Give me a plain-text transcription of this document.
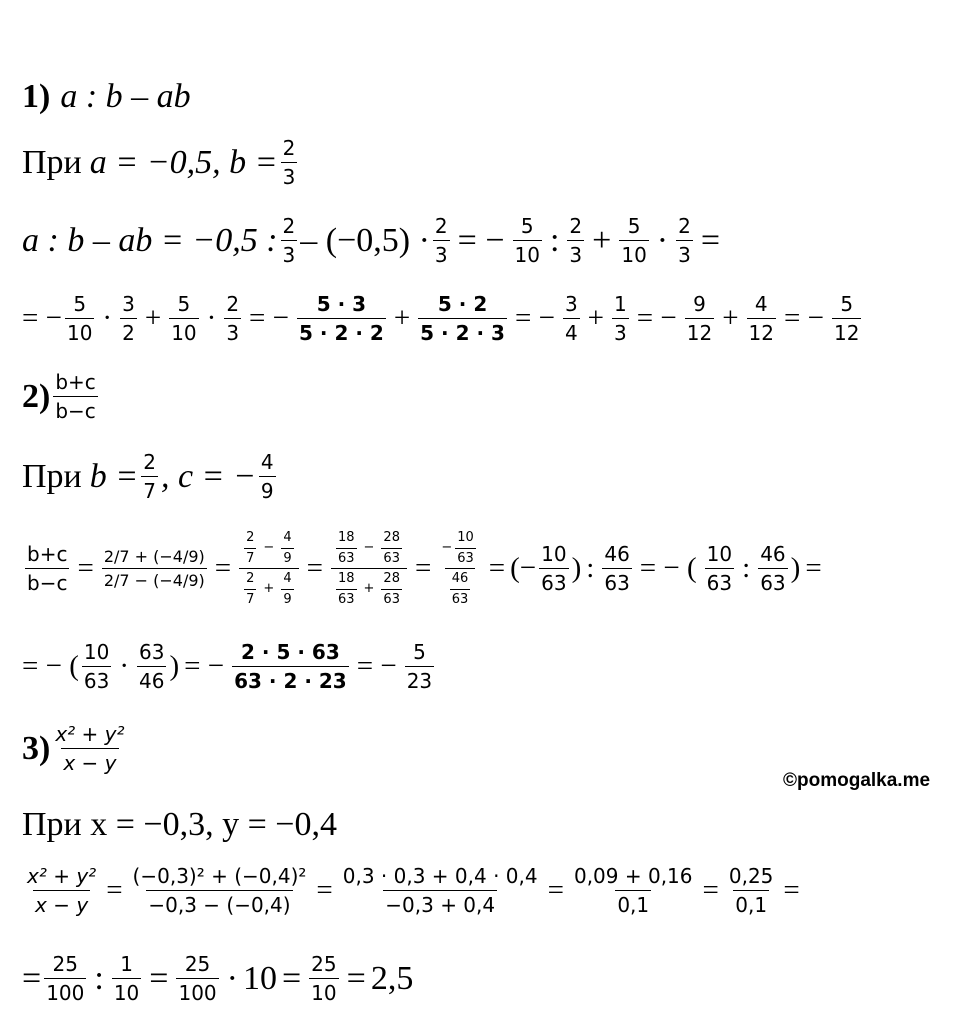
1) a : b – ab
При a = −0,5, $b = \frac{2}{3}$
a : b – ab = −0,5 : $\frac{2}{3} - (-0,5) \cdot \frac{2}{3}$ = − $\frac{5}{10}$ : $\frac{2}{3} + \frac{5}{10} \cdot \frac{2}{3}$ =
= − $\frac{5}{10} \cdot \frac{3}{2} + \frac{5}{10} \cdot \frac{2}{3}$ = − $\frac{5 \cdot 3}{5 \cdot 2 \cdot 2} + \frac{5 \cdot 2}{5 \cdot 2 \cdot 3}$ = − $\frac{3}{4} + \frac{1}{3}$ = − $\frac{9}{12} + \frac{4}{12}$ = − $\frac{5}{12}$
$2) \frac{b+c}{b-c}$
При $b = \frac{2}{7}$ , c = − $\frac{4}{9}$
$\frac{b+c}{b-c} = \frac{2/7 + (-4/9)}{2/7 - (-4/9)} = \frac{\frac{2}{7} - \frac{4}{9}}{\frac{2}{7} + \frac{4}{9}} = \frac{\frac{18}{63} - \frac{28}{63}}{\frac{18}{63} + \frac{28}{63}} = \frac{- \frac{10}{63}}{\frac{46}{63}}$ = (− $\frac{10}{63}$ ) : $\frac{46}{63}$ = − ( $\frac{10}{63}$ : $\frac{46}{63}$ ) =
= − ( $\frac{10}{63} \cdot \frac{63}{46}$ ) = − $\frac{2 \cdot 5 \cdot 63}{63 \cdot 2 \cdot 23}$ = − $\frac{5}{23}$
$3) \frac{\text{x² + y²}}{x - y}$
©pomogalka.me
При x = −0,3, y = −0,4
$\frac{\text{x² + y²}}{x - y} = \frac{\text{(−0,3)² + (−0,4)²}}{-0,3 - (-0,4)} = \frac{0,3 \cdot 0,3 + 0,4 \cdot 0,4}{-0,3 + 0,4} = \frac{0,09 + 0,16}{0,1} = \frac{0,25}{0,1}$ =
= $\frac{25}{100}$ : $\frac{1}{10} = \frac{25}{100} \cdot 10 = \frac{25}{10} = 2,5$
